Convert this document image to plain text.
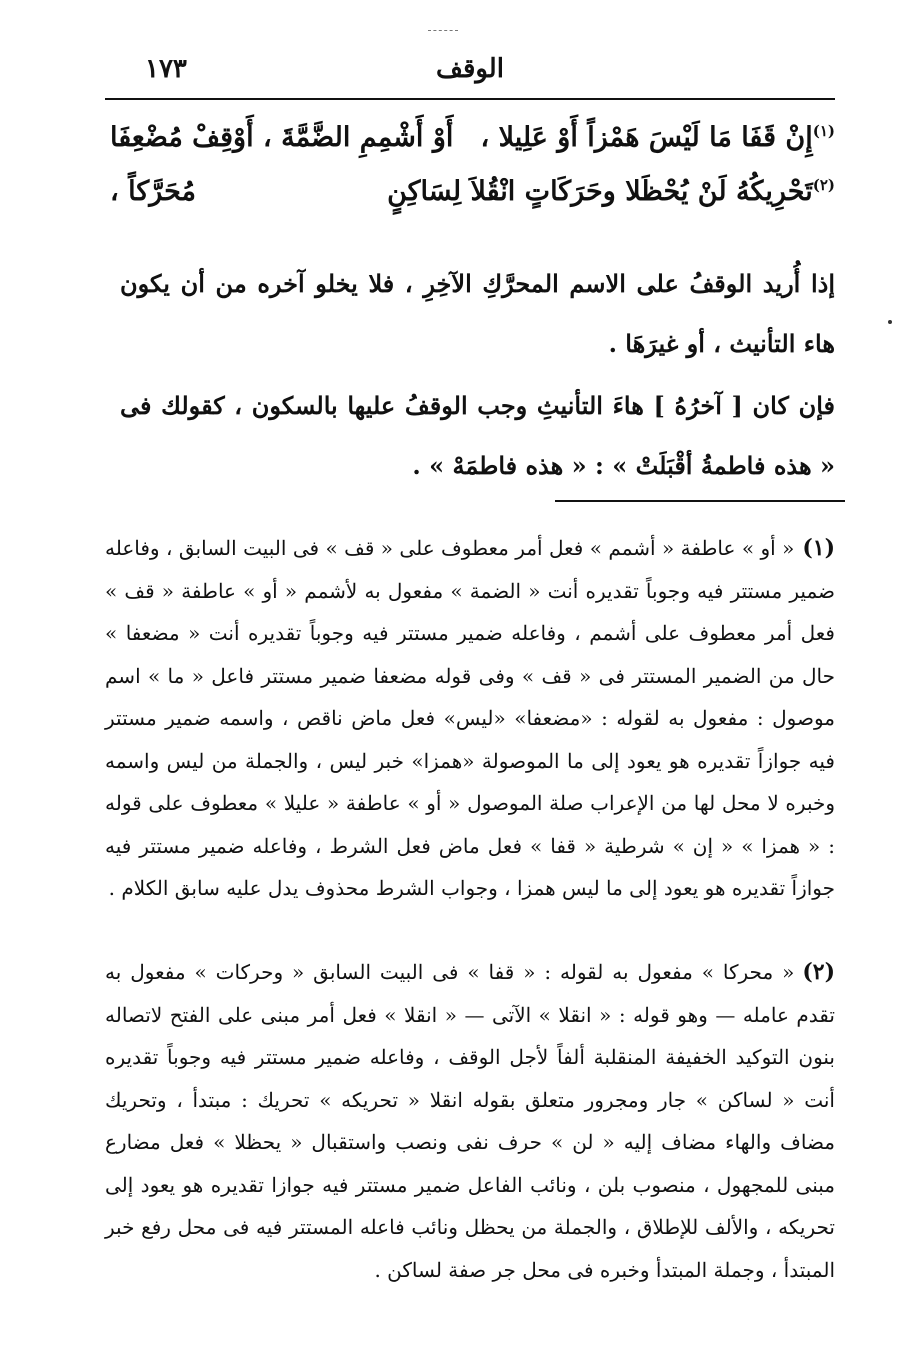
الوقف
١٧٣
$^{(١)}$إِنْ قَفَا مَا لَيْسَ هَمْزاً أَوْ عَلِيلا ،
أَوْ أَشْمِمِ الضَّمَّةَ ، أَوْقِفْ مُضْعِفَا
$^{(٢)}$تَحْرِيكُهُ لَنْ يُحْظَلا وحَرَكَاتٍ انْقُلاَ لِسَاكِنٍ
مُحَرَّكاً ،
إذا أُريد الوقفُ على الاسم المحرَّكِ الآخِرِ ، فلا يخلو آخره من أن يكون هاء التأنيث ، أو غيرَهَا .
فإن كان [ آخرُهُ ] هاءَ التأنيثِ وجب الوقفُ عليها بالسكون ، كقولك فى « هذه فاطمةُ أقْبَلَتْ » : « هذه فاطمَهْ » .
(١)« أو » عاطفة « أشمم » فعل أمر معطوف على « قف » فى البيت السابق ، وفاعله ضمير مستتر فيه وجوباً تقديره أنت « الضمة » مفعول به لأشمم « أو » عاطفة « قف » فعل أمر معطوف على أشمم ، وفاعله ضمير مستتر فيه وجوباً تقديره أنت « مضعفا » حال من الضمير المستتر فى « قف » وفى قوله مضعفا ضمير مستتر فاعل « ما » اسم موصول : مفعول به لقوله : «مضعفا» «ليس» فعل ماض ناقص ، واسمه ضمير مستتر فيه جوازاً تقديره هو يعود إلى ما الموصولة «همزا» خبر ليس ، والجملة من ليس واسمه وخبره لا محل لها من الإعراب صلة الموصول « أو » عاطفة « عليلا » معطوف على قوله : « همزا » « إن » شرطية « قفا » فعل ماض فعل الشرط ، وفاعله ضمير مستتر فيه جوازاً تقديره هو يعود إلى ما ليس همزا ، وجواب الشرط محذوف يدل عليه سابق الكلام .
(٢)« محركا » مفعول به لقوله : « قفا » فى البيت السابق « وحركات » مفعول به تقدم عامله — وهو قوله : « انقلا » الآتى — « انقلا » فعل أمر مبنى على الفتح لاتصاله بنون التوكيد الخفيفة المنقلبة ألفاً لأجل الوقف ، وفاعله ضمير مستتر فيه وجوباً تقديره أنت « لساكن » جار ومجرور متعلق بقوله انقلا « تحريكه » تحريك : مبتدأ ، وتحريك مضاف والهاء مضاف إليه « لن » حرف نفى ونصب واستقبال « يحظلا » فعل مضارع مبنى للمجهول ، منصوب بلن ، ونائب الفاعل ضمير مستتر فيه جوازا تقديره هو يعود إلى تحريكه ، والألف للإطلاق ، والجملة من يحظل ونائب فاعله المستتر فيه فى محل رفع خبر المبتدأ ، وجملة المبتدأ وخبره فى محل جر صفة لساكن .
